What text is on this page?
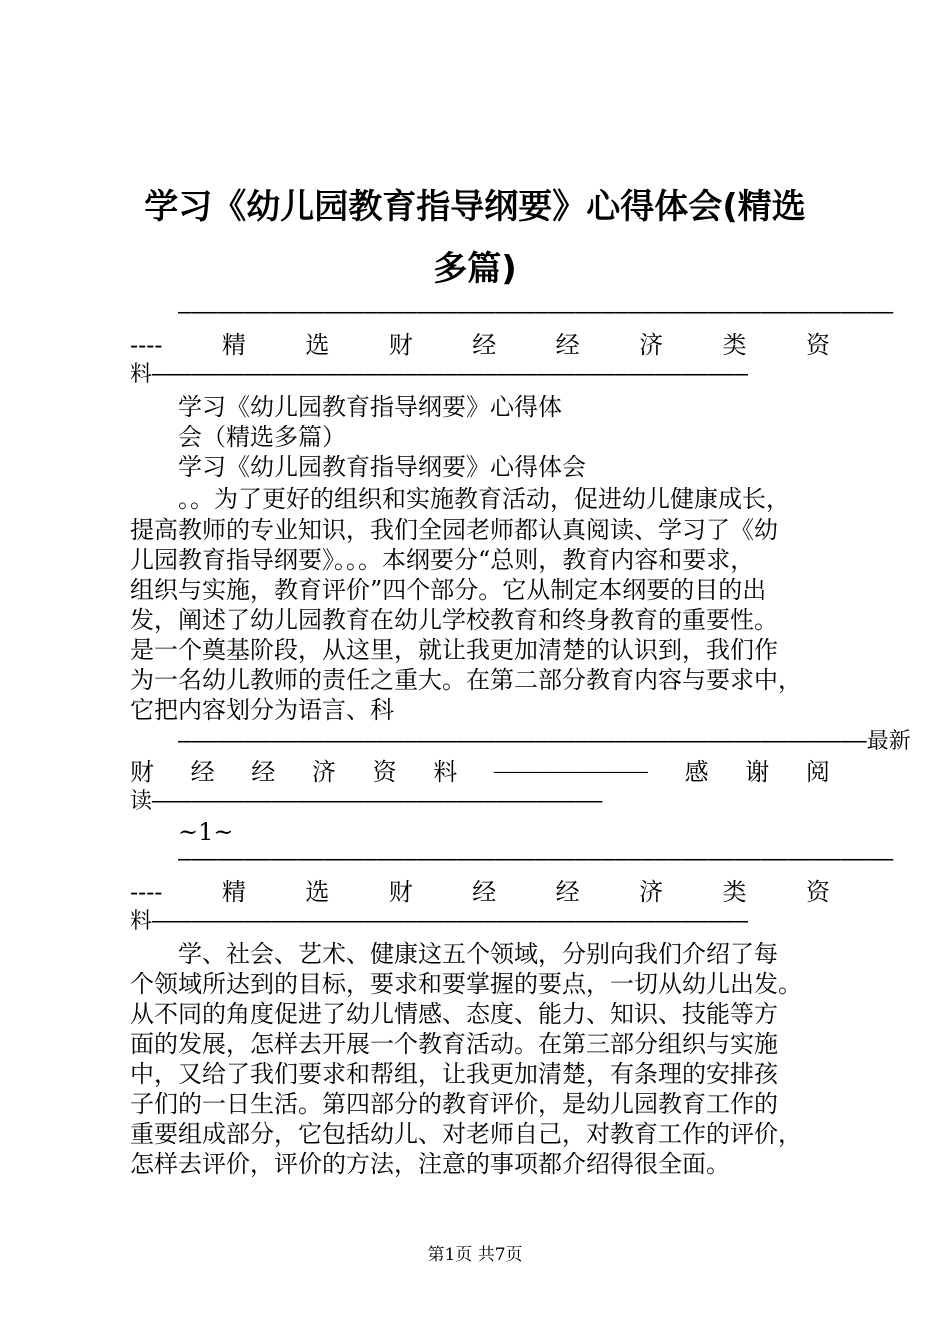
学习《幼儿园教育指导纲要》心得体会(精选
多篇)
——————————————————————————————————————————————————————
---- 精 选 财 经 经 济 类 资
料—————————————————————————————————————————————
学习《幼儿园教育指导纲要》心得体
会（精选多篇）
学习《幼儿园教育指导纲要》心得体会
。。为了更好的组织和实施教育活动，促进幼儿健康成长，
提高教师的专业知识，我们全园老师都认真阅读、学习了《幼
儿园教育指导纲要》。。。本纲要分“总则，教育内容和要求，
组织与实施，教育评价”四个部分。它从制定本纲要的目的出
发，阐述了幼儿园教育在幼儿学校教育和终身教育的重要性。
是一个奠基阶段，从这里，就让我更加清楚的认识到，我们作
为一名幼儿教师的责任之重大。在第二部分教育内容与要求中，
它把内容划分为语言、科
————————————————————————————————————————————————————最新
财 经 经 济 资 料 ———————————————— 感 谢 阅
读——————————————————————————————————
~1~
——————————————————————————————————————————————————————
---- 精 选 财 经 经 济 类 资
料—————————————————————————————————————————————
学、社会、艺术、健康这五个领域，分别向我们介绍了每
个领域所达到的目标，要求和要掌握的要点，一切从幼儿出发。
从不同的角度促进了幼儿情感、态度、能力、知识、技能等方
面的发展，怎样去开展一个教育活动。在第三部分组织与实施
中，又给了我们要求和帮组，让我更加清楚，有条理的安排孩
子们的一日生活。第四部分的教育评价，是幼儿园教育工作的
重要组成部分，它包括幼儿、对老师自己，对教育工作的评价，
怎样去评价，评价的方法，注意的事项都介绍得很全面。
第1页 共7页
